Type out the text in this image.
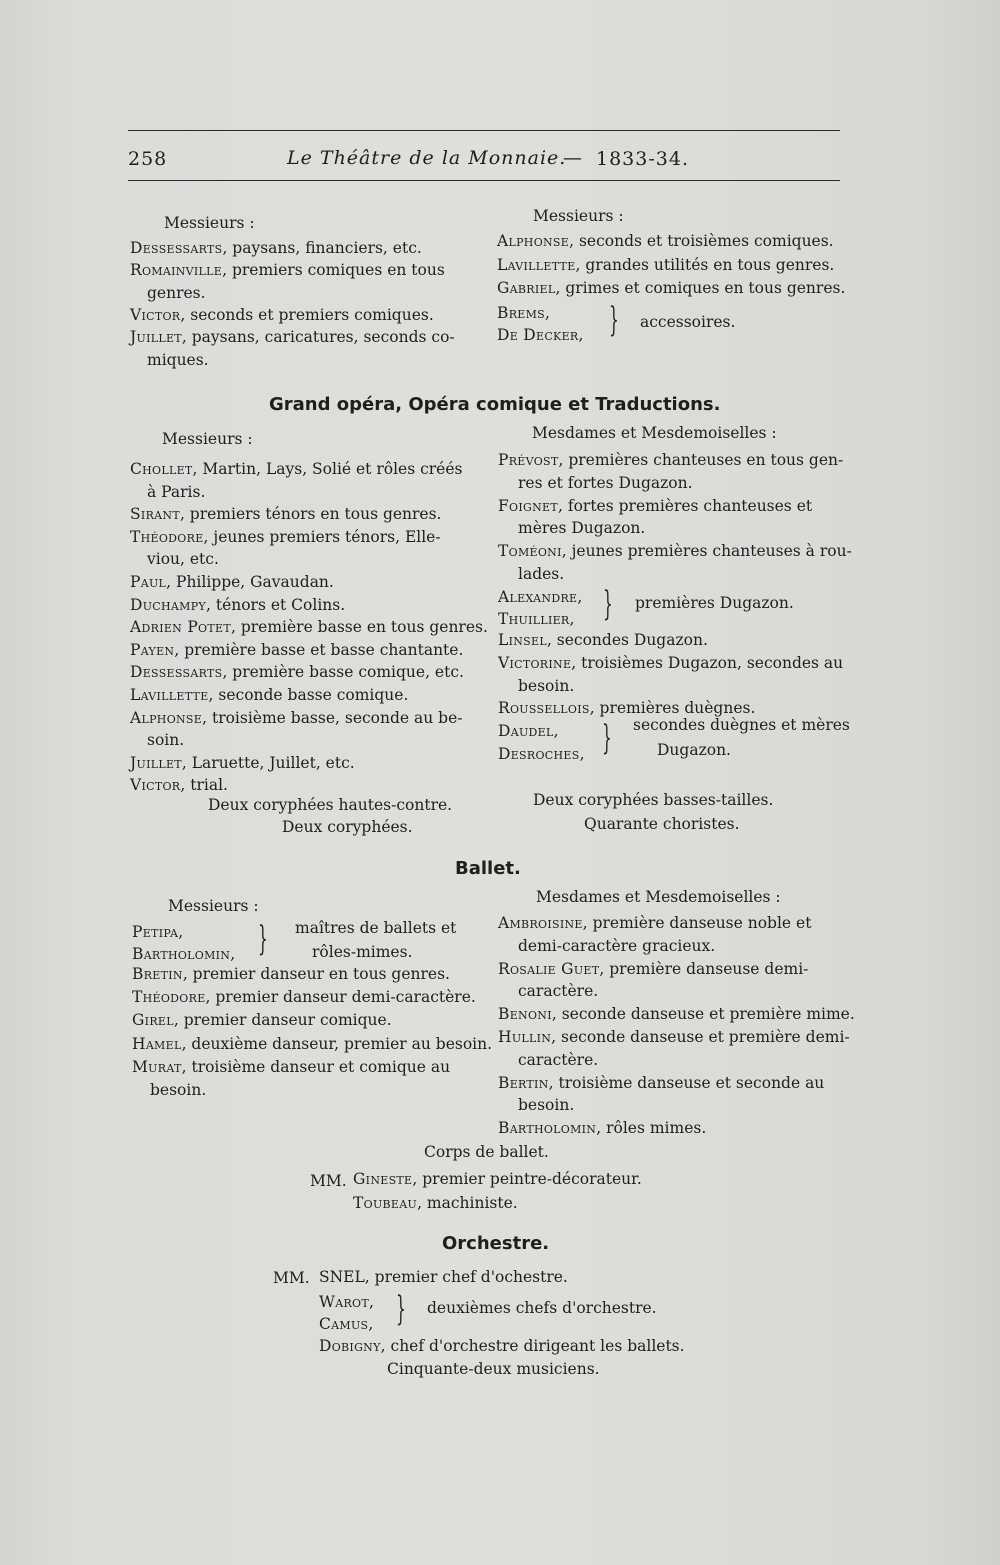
258	Le Théâtre de la Monnaie.
— 1833-34.
Messieurs :
Dessessarts, paysans, financiers, etc.
Romainville, premiers comiques en tous
genres.
Victor, seconds et premiers comiques.
Juillet, paysans, caricatures, seconds co-
miques.
Messieurs :
Alphonse, seconds et troisièmes comiques.
Lavillette, grandes utilités en tous genres.
Gabriel, grimes et comiques en tous genres.
Brems,
De Decker, } accessoires.
Grand opéra, Opéra comique et Traductions.
Messieurs :
Chollet, Martin, Lays, Solié et rôles créés
à Paris.
Sirant, premiers ténors en tous genres.
Théodore, jeunes premiers ténors, Elle-
viou, etc.
Paul, Philippe, Gavaudan.
Duchampy, ténors et Colins.
Adrien Potet, première basse en tous genres.
Payen, première basse et basse chantante.
Dessessarts, première basse comique, etc.
Lavillette, seconde basse comique.
Alphonse, troisième basse, seconde au be-
soin.
Juillet, Laruette, Juillet, etc.
Victor, trial.
Deux coryphées hautes-contre.
Deux coryphées.
Mesdames et Mesdemoiselles :
Prévost, premières chanteuses en tous gen-
res et fortes Dugazon.
Foignet, fortes premières chanteuses et
mères Dugazon.
Toméoni, jeunes premières chanteuses à rou-
lades.
Alexandre,
Thuillier, } premières Dugazon.
Linsel, secondes Dugazon.
Victorine, troisièmes Dugazon, secondes au
besoin.
Roussellois, premières duègnes.
Daudel,
Desroches, } secondes duègnes et mères
Dugazon.
Deux coryphées basses-tailles.
Quarante choristes.
Ballet.
Messieurs :
Petipa,
Bartholomin, } maîtres de ballets et
rôles-mimes.
Bretin, premier danseur en tous genres.
Théodore, premier danseur demi-caractère.
Girel, premier danseur comique.
Hamel, deuxième danseur, premier au besoin.
Murat, troisième danseur et comique au
besoin.
Mesdames et Mesdemoiselles :
Ambroisine, première danseuse noble et
demi-caractère gracieux.
Rosalie Guet, première danseuse demi-
caractère.
Benoni, seconde danseuse et première mime.
Hullin, seconde danseuse et première demi-
caractère.
Bertin, troisième danseuse et seconde au
besoin.
Bartholomin, rôles mimes.
Corps de ballet.
MM. Gineste, premier peintre-décorateur.
Toubeau, machiniste.
Orchestre.
MM. SNEL, premier chef d'ochestre.
Warot,
Camus, } deuxièmes chefs d'orchestre.
Dobigny, chef d'orchestre dirigeant les ballets.
Cinquante-deux musiciens.
